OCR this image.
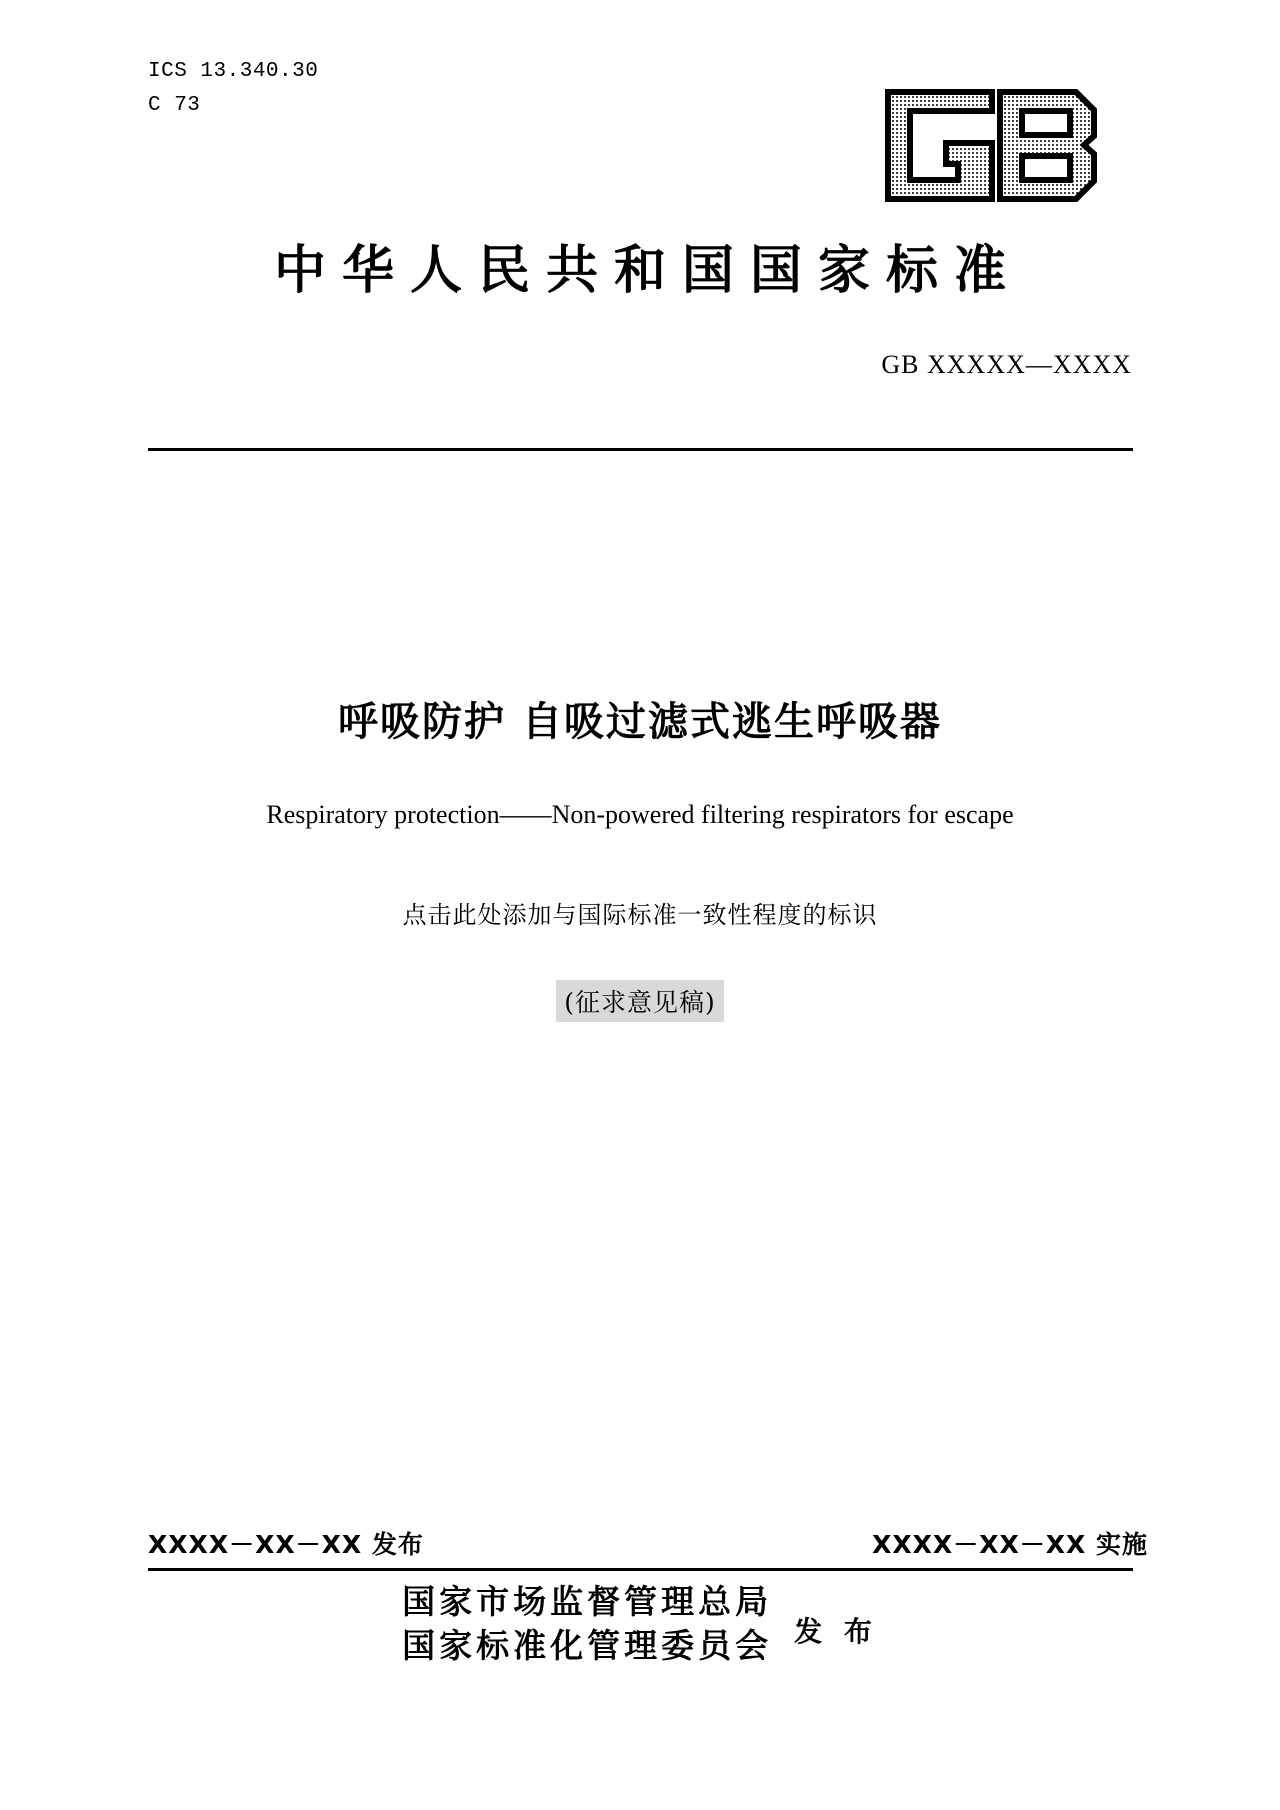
ICS 13.340.30
C 73
中华人民共和国国家标准
GB XXXXX—XXXX
呼吸防护 自吸过滤式逃生呼吸器
Respiratory protection——Non-powered filtering respirators for escape
点击此处添加与国际标准一致性程度的标识
(征求意见稿)
XXXX－XX－XX 发布	XXXX－XX－XX 实施
国家市场监督管理总局
国家标准化管理委员会 发 布
